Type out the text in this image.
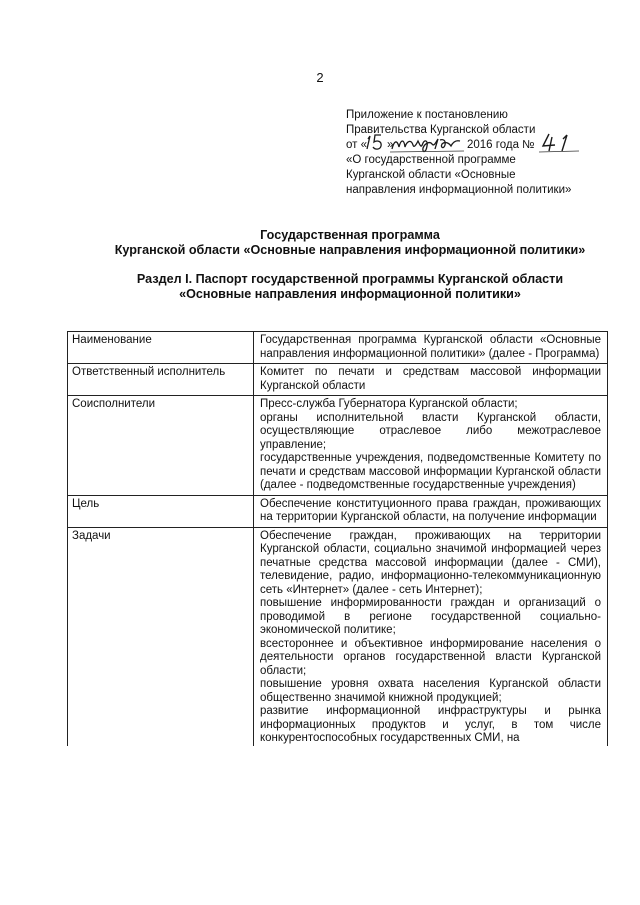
2
Приложение к постановлению
Правительства Курганской области
от « »	2016 года №
«О государственной программе
Курганской области «Основные
направления информационной политики»
Государственная программа
Курганской области «Основные направления информационной политики»
Раздел I. Паспорт государственной программы Курганской области
«Основные направления информационной политики»
Наименование	Государственная программа Курганской области «Основные направления информационной политики» (далее - Программа)

Ответственный исполнитель	Комитет по печати и средствам массовой информации Курганской области

Соисполнители	Пресс-служба Губернатора Курганской области;
органы исполнительной власти Курганской области, осуществляющие отраслевое либо межотраслевое управление;
государственные учреждения, подведомственные Комитету по печати и средствам массовой информации Курганской области (далее - подведомственные государственные учреждения)

Цель	Обеспечение конституционного права граждан, проживающих на территории Курганской области, на получение информации

Задачи	Обеспечение граждан, проживающих на территории Курганской области, социально значимой информацией через печатные средства массовой информации (далее - СМИ), телевидение, радио, информационно-телекоммуникационную сеть «Интернет» (далее - сеть Интернет);
повышение информированности граждан и организаций о проводимой в регионе государственной социально-экономической политике;
всестороннее и объективное информирование населения о деятельности органов государственной власти Курганской области;
повышение уровня охвата населения Курганской области общественно значимой книжной продукцией;
развитие информационной инфраструктуры и рынка информационных продуктов и услуг, в том числе конкурентоспособных государственных СМИ, на
